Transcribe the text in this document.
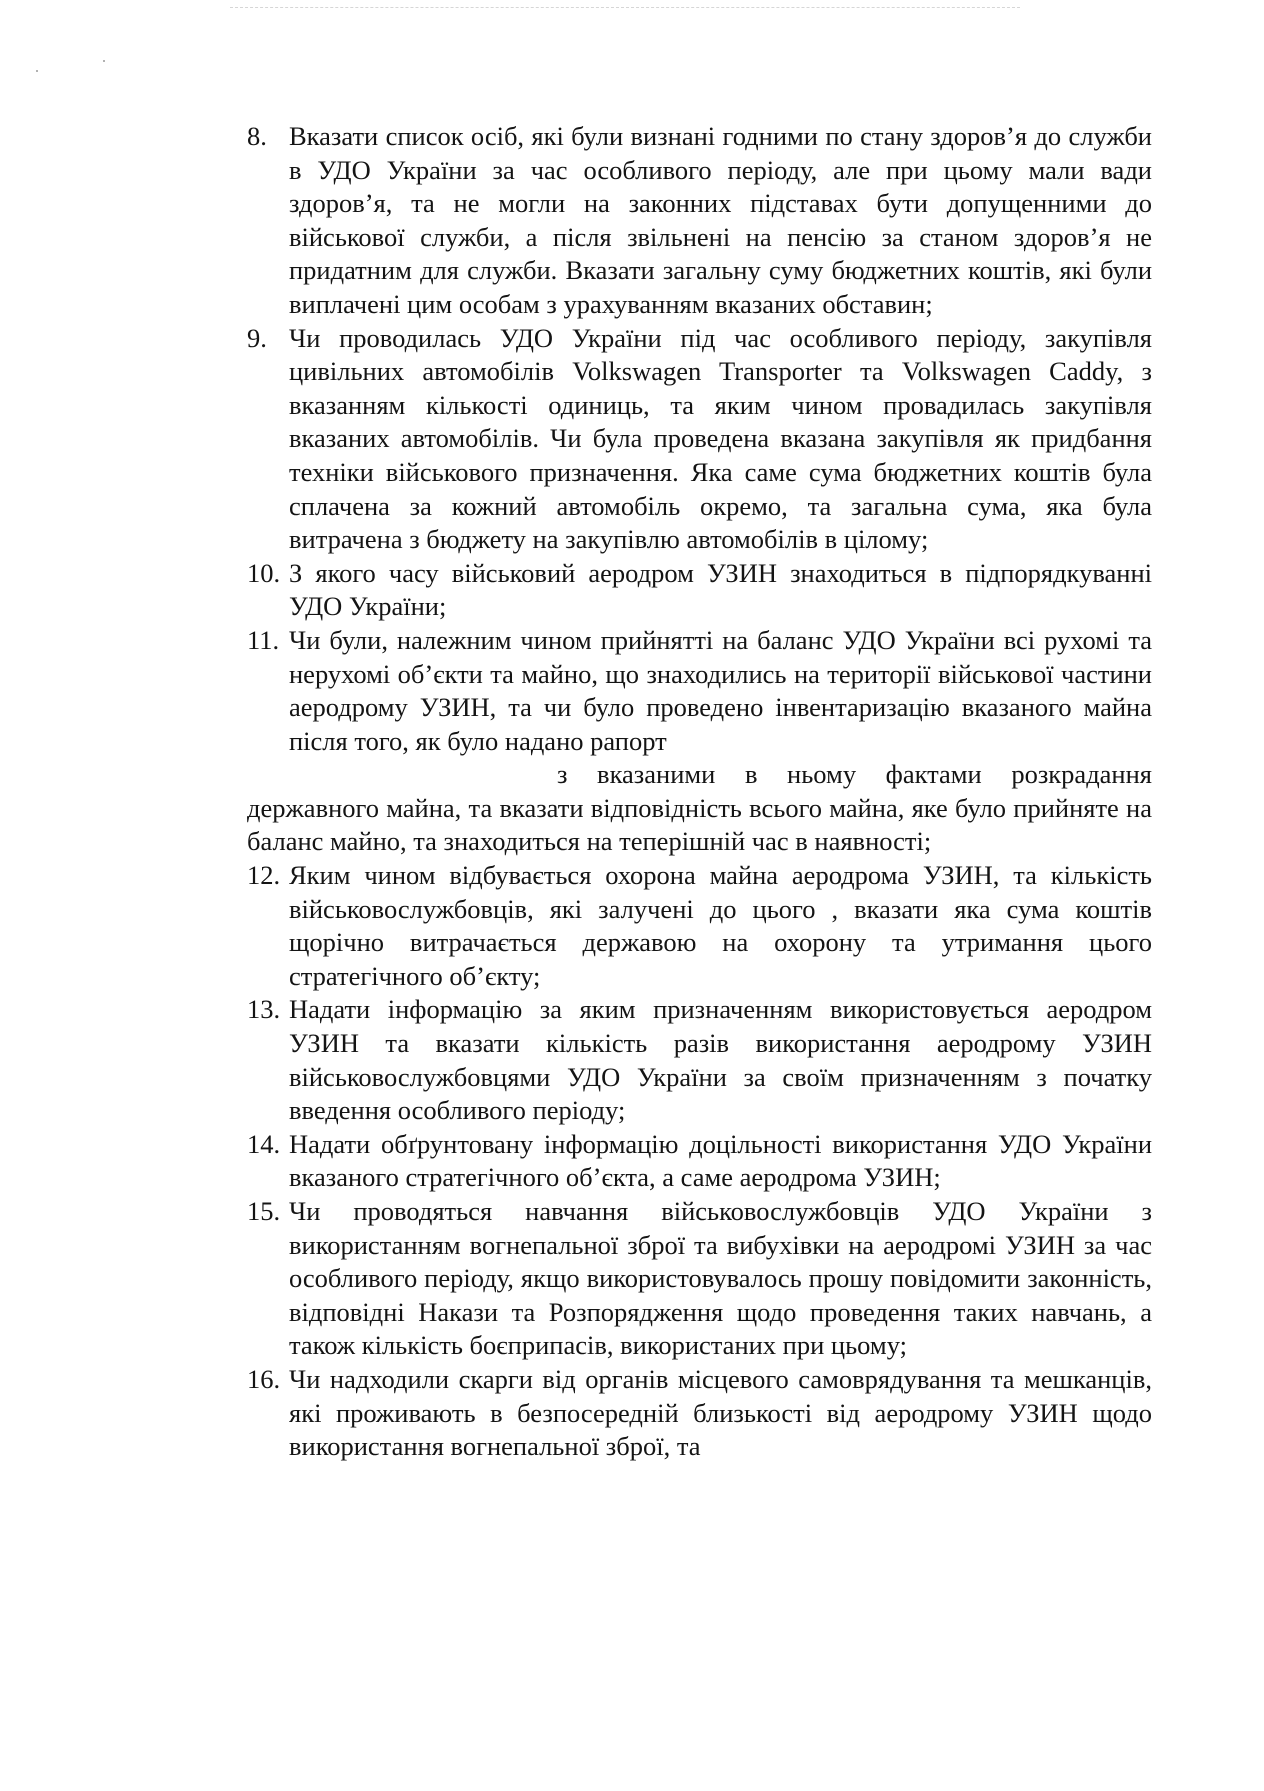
8. Вказати список осіб, які були визнані годними по стану здоров’я до служби в УДО України за час особливого періоду, але при цьому мали вади здоров’я, та не могли на законних підставах бути допущенними до військової служби, а після звільнені на пенсію за станом здоров’я не придатним для служби. Вказати загальну суму бюджетних коштів, які були виплачені цим особам з урахуванням вказаних обставин;
9. Чи проводилась УДО України під час особливого періоду, закупівля цивільних автомобілів Volkswagen Transporter та Volkswagen Caddy, з вказанням кількості одиниць, та яким чином провадилась закупівля вказаних автомобілів. Чи була проведена вказана закупівля як придбання техніки військового призначення. Яка саме сума бюджетних коштів була сплачена за кожний автомобіль окремо, та загальна сума, яка була витрачена з бюджету на закупівлю автомобілів в цілому;
10. З якого часу військовий аеродром УЗИН знаходиться в підпорядкуванні УДО України;
11. Чи були, належним чином прийнятті на баланс УДО України всі рухомі та нерухомі об’єкти та майно, що знаходились на території військової частини аеродрому УЗИН, та чи було проведено інвентаризацію вказаного майна після того, як було надано рапорт
з вказаними в ньому фактами розкрадання
державного майна, та вказати відповідність всього майна, яке було прийняте на баланс майно, та знаходиться на теперішній час в наявності;
12. Яким чином відбувається охорона майна аеродрома УЗИН, та кількість військовослужбовців, які залучені до цього , вказати яка сума коштів щорічно витрачається державою на охорону та утримання цього стратегічного об’єкту;
13. Надати інформацію за яким призначенням використовується аеродром УЗИН та вказати кількість разів використання аеродрому УЗИН військовослужбовцями УДО України за своїм призначенням з початку введення особливого періоду;
14. Надати обґрунтовану інформацію доцільності використання УДО України вказаного стратегічного об’єкта, а саме аеродрома УЗИН;
15. Чи проводяться навчання військовослужбовців УДО України з використанням вогнепальної зброї та вибухівки на аеродромі УЗИН за час особливого періоду, якщо використовувалось прошу повідомити законність, відповідні Накази та Розпорядження щодо проведення таких навчань, а також кількість боєприпасів, використаних при цьому;
16. Чи надходили скарги від органів місцевого самоврядування та мешканців, які проживають в безпосередній близькості від аеродрому УЗИН щодо використання вогнепальної зброї, та
